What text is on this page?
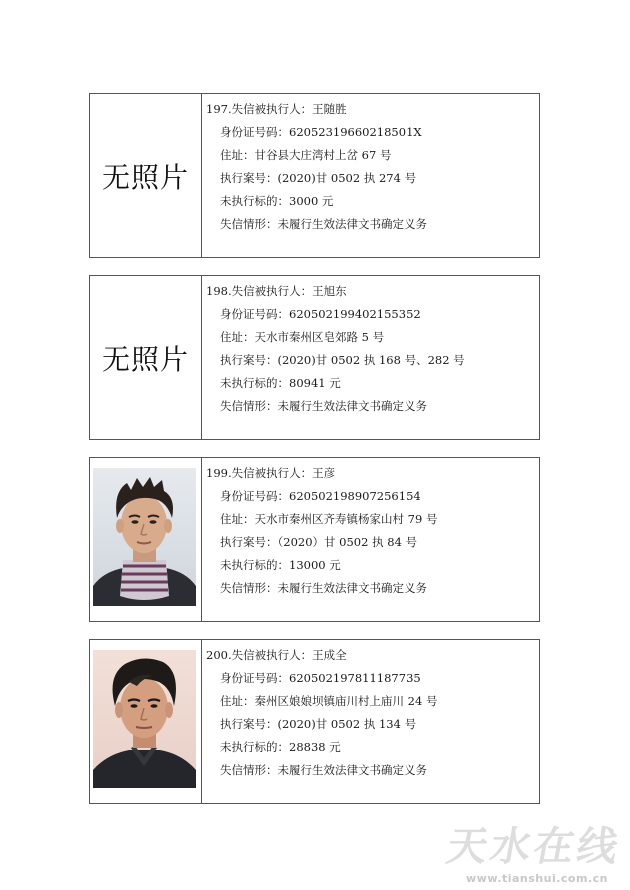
无照片
197.失信被执行人：王随胜
身份证号码：620523196602185​01X
住址：甘谷县大庄湾村上岔 67 号
执行案号：(2020)甘 0502 执 274 号
未执行标的：3000 元
失信情形：未履行生效法律文书确定义务
无照片
198.失信被执行人：王旭东
身份证号码：620502199402155352
住址：天水市秦州区皂郊路 5 号
执行案号：(2020)甘 0502 执 168 号、282 号
未执行标的：80941 元
失信情形：未履行生效法律文书确定义务
199.失信被执行人：王彦
身份证号码：620502198907256154
住址：天水市秦州区齐寿镇杨家山村 79 号
执行案号：（2020）甘 0502 执 84 号
未执行标的：13000 元
失信情形：未履行生效法律文书确定义务
200.失信被执行人：王成全
身份证号码：620502197811187735
住址：秦州区娘娘坝镇庙川村上庙川 24 号
执行案号：(2020)甘 0502 执 134 号
未执行标的：28838 元
失信情形：未履行生效法律文书确定义务
天
水
在
线
www.tianshui.com.cn
